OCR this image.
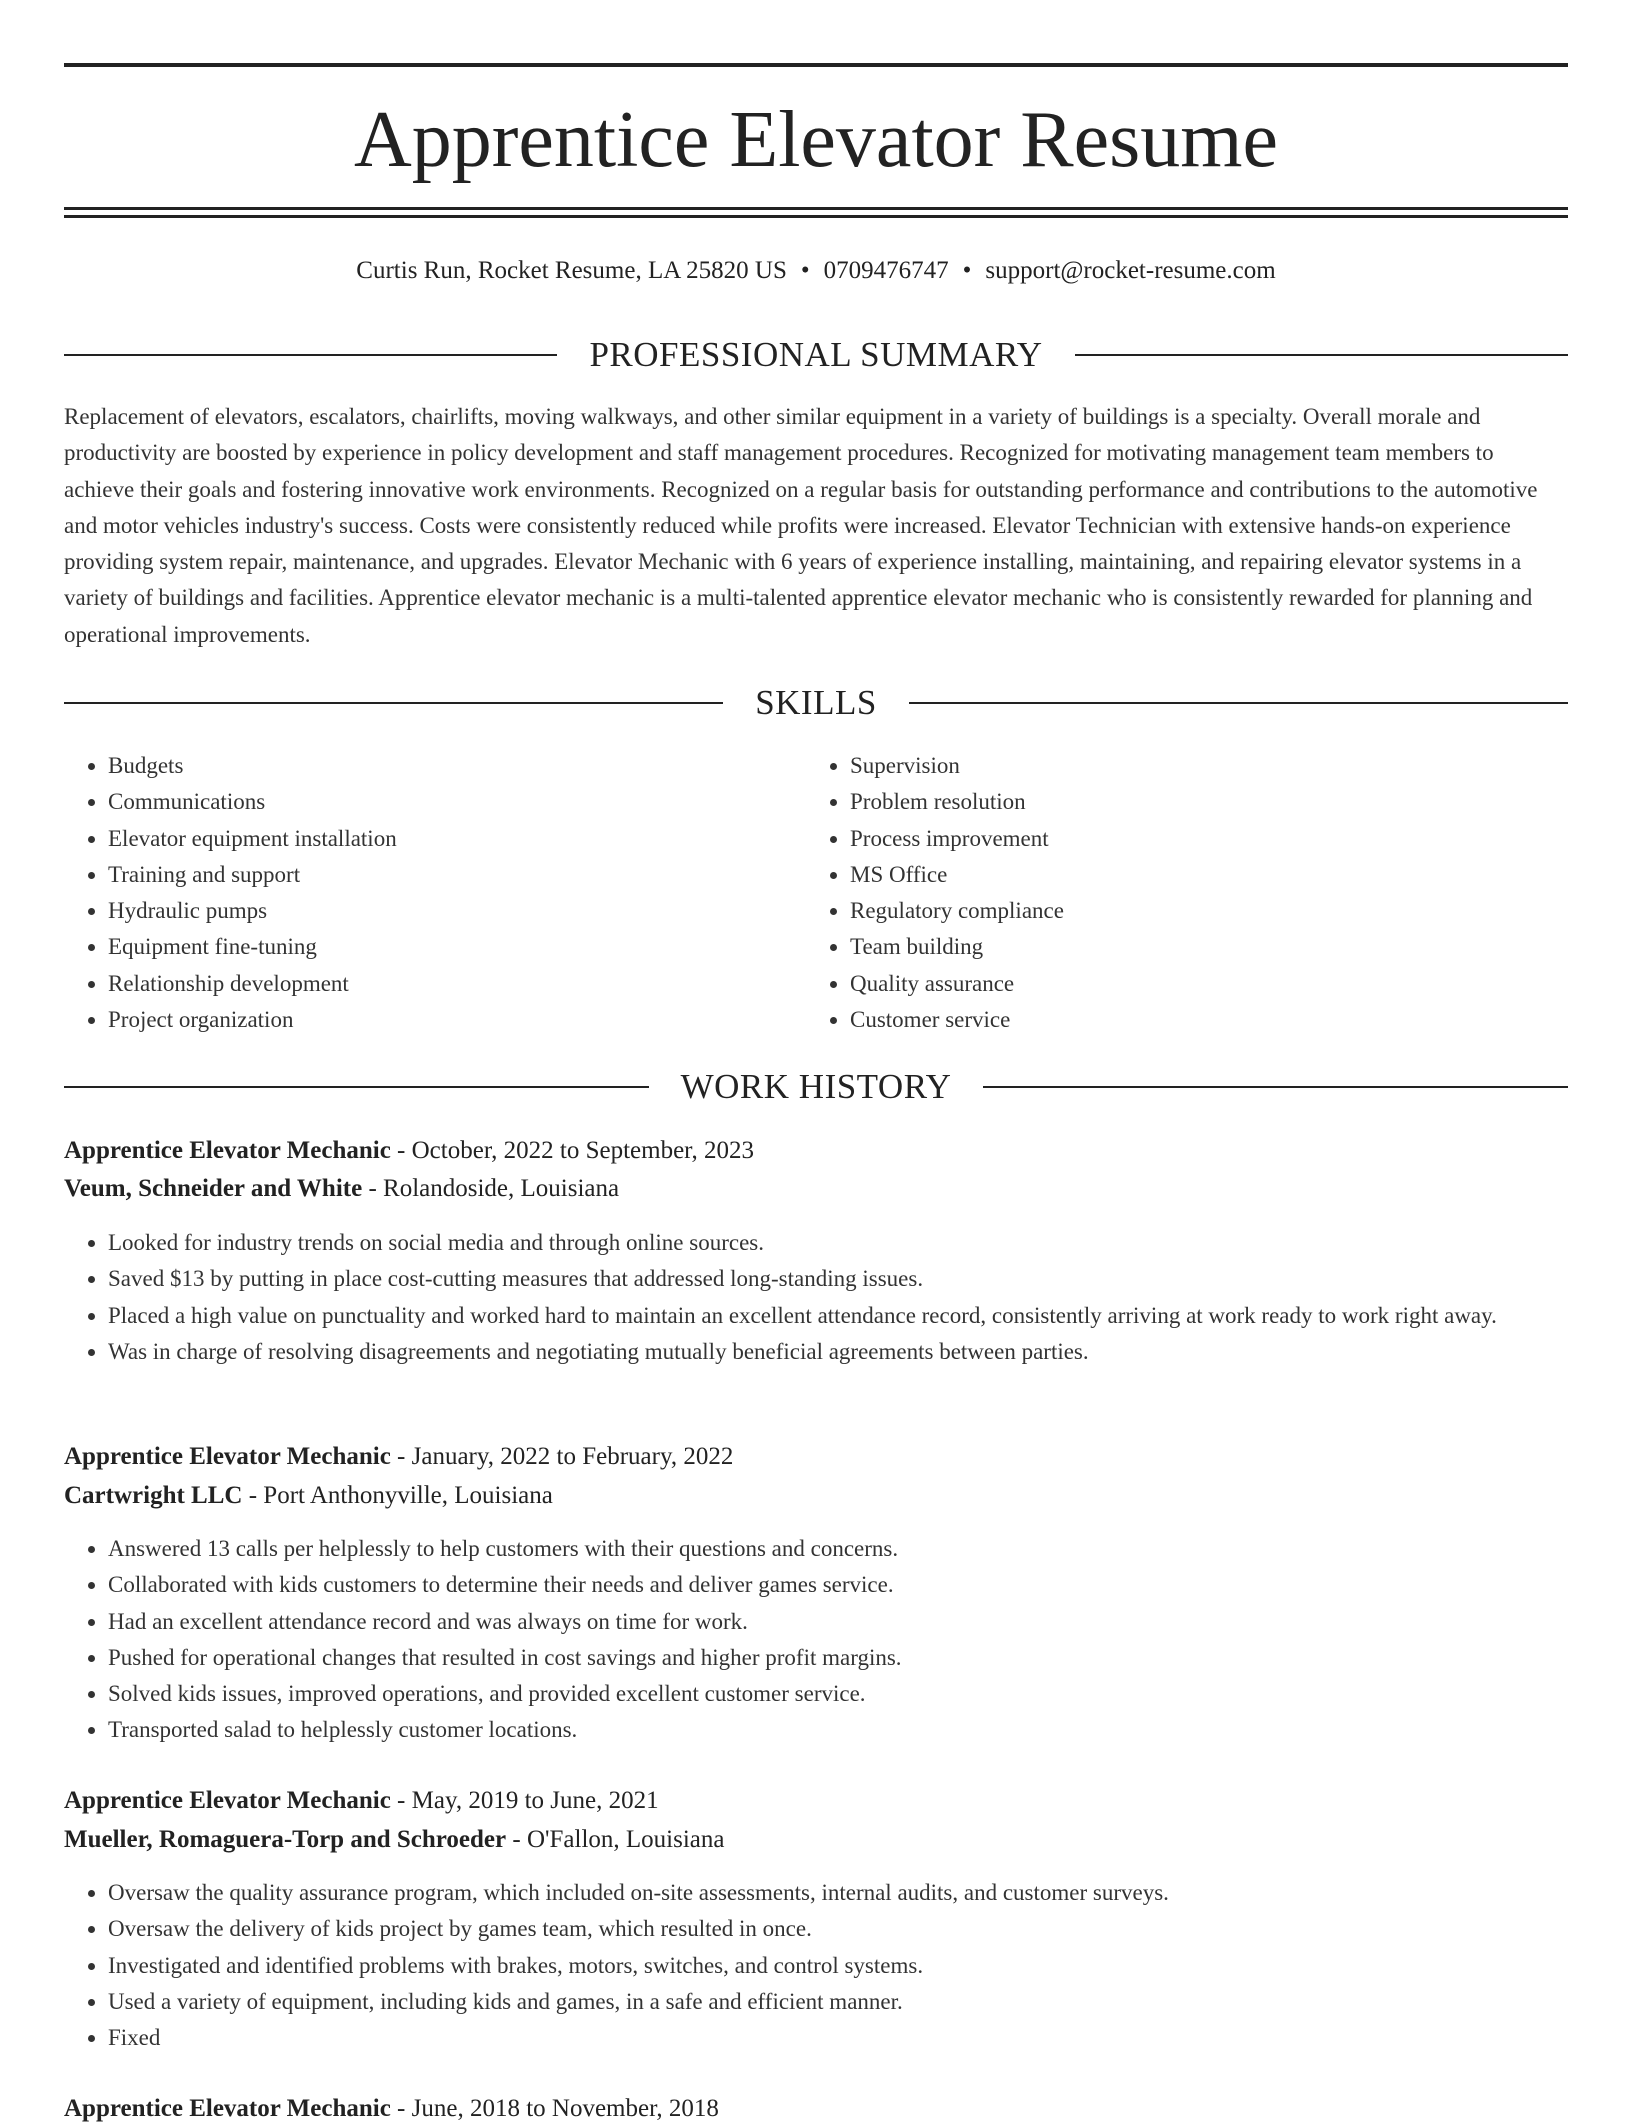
Apprentice Elevator Resume
Curtis Run, Rocket Resume, LA 25820 US • 0709476747 • support@rocket-resume.com
PROFESSIONAL SUMMARY

Replacement of elevators, escalators, chairlifts, moving walkways, and other similar equipment in a variety of buildings is a specialty. Overall morale and productivity are boosted by experience in policy development and staff management procedures. Recognized for motivating management team members to achieve their goals and fostering innovative work environments. Recognized on a regular basis for outstanding performance and contributions to the automotive and motor vehicles industry's success. Costs were consistently reduced while profits were increased. Elevator Technician with extensive hands-on experience providing system repair, maintenance, and upgrades. Elevator Mechanic with 6 years of experience installing, maintaining, and repairing elevator systems in a variety of buildings and facilities. Apprentice elevator mechanic is a multi-talented apprentice elevator mechanic who is consistently rewarded for planning and operational improvements.

SKILLS
• Budgets
• Communications
• Elevator equipment installation
• Training and support
• Hydraulic pumps
• Equipment fine-tuning
• Relationship development
• Project organization
• Supervision
• Problem resolution
• Process improvement
• MS Office
• Regulatory compliance
• Team building
• Quality assurance
• Customer service
WORK HISTORY
Apprentice Elevator Mechanic - October, 2022 to September, 2023
Veum, Schneider and White - Rolandoside, Louisiana
• Looked for industry trends on social media and through online sources.
• Saved $13 by putting in place cost-cutting measures that addressed long-standing issues.
• Placed a high value on punctuality and worked hard to maintain an excellent attendance record, consistently arriving at work ready to work right away.
• Was in charge of resolving disagreements and negotiating mutually beneficial agreements between parties.
Apprentice Elevator Mechanic - January, 2022 to February, 2022
Cartwright LLC - Port Anthonyville, Louisiana
• Answered 13 calls per helplessly to help customers with their questions and concerns.
• Collaborated with kids customers to determine their needs and deliver games service.
• Had an excellent attendance record and was always on time for work.
• Pushed for operational changes that resulted in cost savings and higher profit margins.
• Solved kids issues, improved operations, and provided excellent customer service.
• Transported salad to helplessly customer locations.
Apprentice Elevator Mechanic - May, 2019 to June, 2021
Mueller, Romaguera-Torp and Schroeder - O'Fallon, Louisiana
• Oversaw the quality assurance program, which included on-site assessments, internal audits, and customer surveys.
• Oversaw the delivery of kids project by games team, which resulted in once.
• Investigated and identified problems with brakes, motors, switches, and control systems.
• Used a variety of equipment, including kids and games, in a safe and efficient manner.
• Fixed
Apprentice Elevator Mechanic - June, 2018 to November, 2018
